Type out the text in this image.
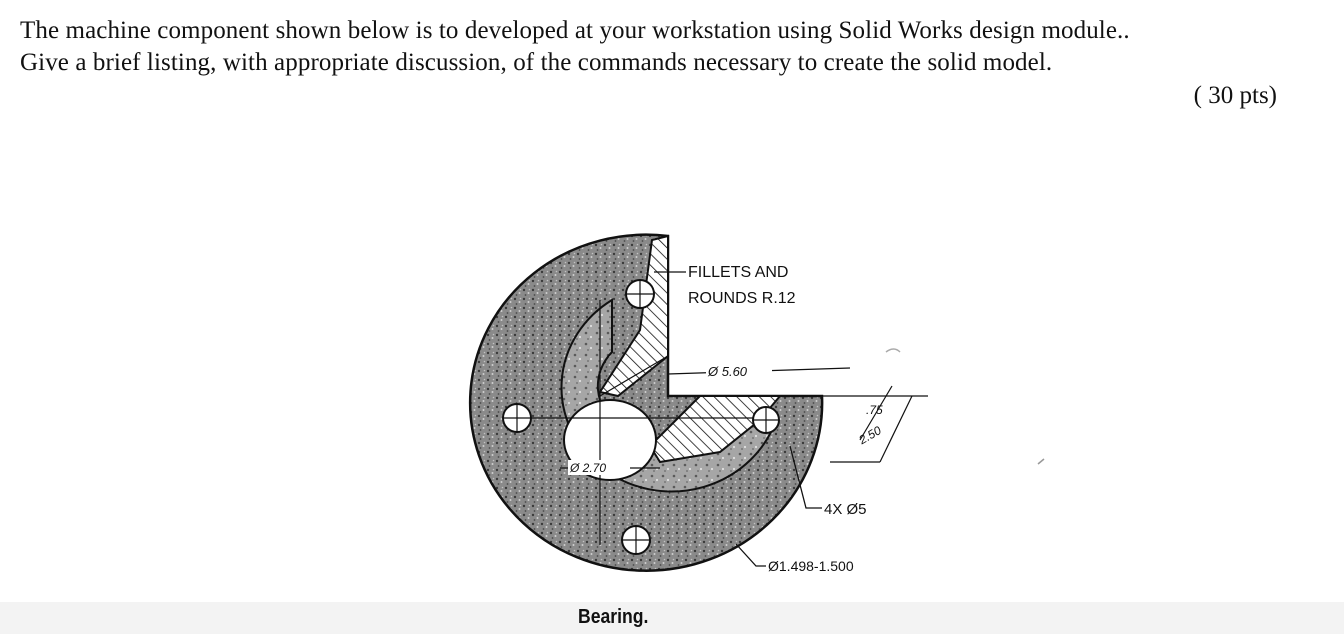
The machine component shown below is to developed at your workstation using Solid Works design module..
Give a brief listing, with appropriate discussion, of the commands necessary to create the solid model.
( 30 pts)
FILLETS AND
ROUNDS R.12
Ø 5.60
.75
2.50
Ø 2.70
4X Ø5
Ø1.498-1.500
Bearing.
